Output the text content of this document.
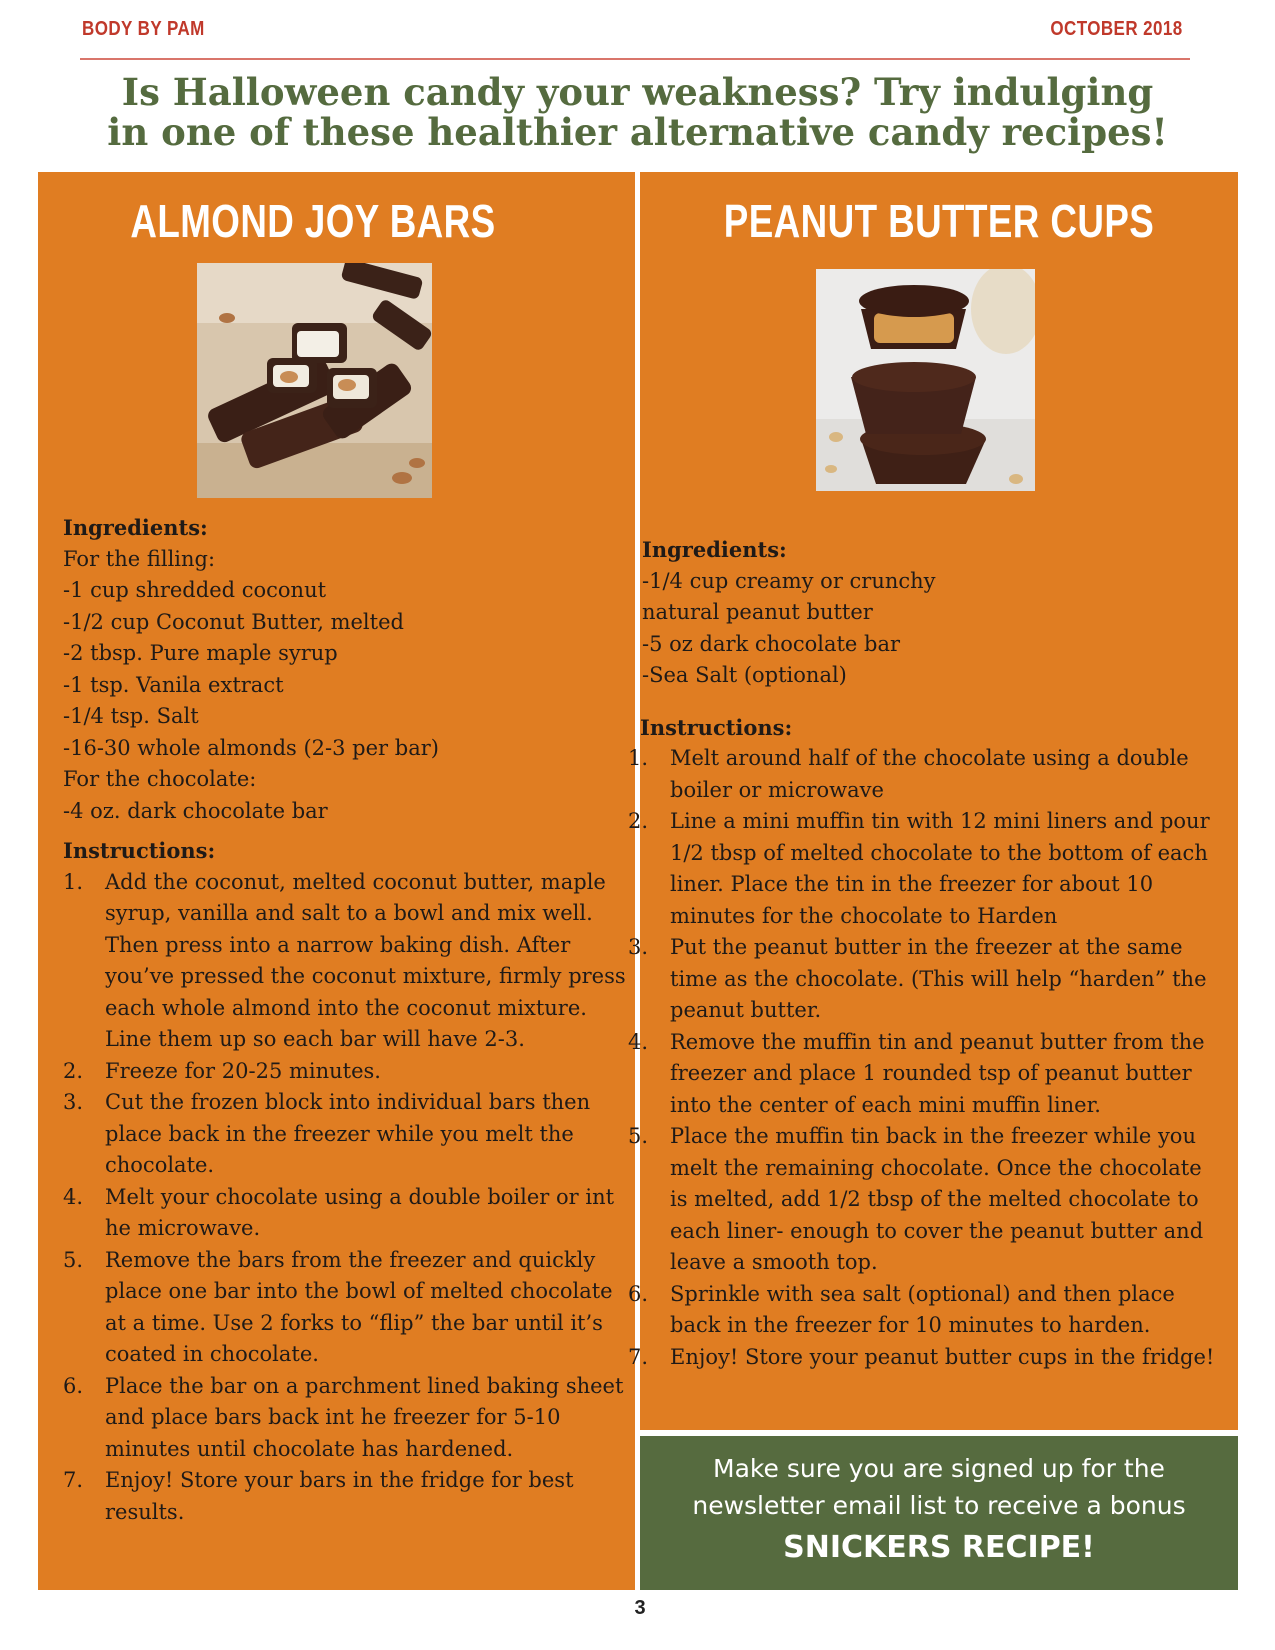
BODY BY PAM	OCTOBER 2018
Is Halloween candy your weakness? Try indulging
in one of these healthier alternative candy recipes!
ALMOND JOY BARS
Ingredients:
For the filling:
-1 cup shredded coconut
-1/2 cup Coconut Butter, melted
-2 tbsp. Pure maple syrup
-1 tsp. Vanila extract
-1/4 tsp. Salt
-16-30 whole almonds (2-3 per bar)
For the chocolate:
-4 oz. dark chocolate bar
Instructions:
1. Add the coconut, melted coconut butter, maple
syrup, vanilla and salt to a bowl and mix well.
Then press into a narrow baking dish. After
you’ve pressed the coconut mixture, firmly press
each whole almond into the coconut mixture.
Line them up so each bar will have 2-3.
2. Freeze for 20-25 minutes.
3. Cut the frozen block into individual bars then
place back in the freezer while you melt the
chocolate.
4. Melt your chocolate using a double boiler or int
he microwave.
5. Remove the bars from the freezer and quickly
place one bar into the bowl of melted chocolate
at a time. Use 2 forks to “flip” the bar until it’s
coated in chocolate.
6. Place the bar on a parchment lined baking sheet
and place bars back int he freezer for 5-10
minutes until chocolate has hardened.
7. Enjoy! Store your bars in the fridge for best
results.
PEANUT BUTTER CUPS
Ingredients:
-1/4 cup creamy or crunchy
natural peanut butter
-5 oz dark chocolate bar
-Sea Salt (optional)
Instructions:
1. Melt around half of the chocolate using a double
boiler or microwave
2. Line a mini muffin tin with 12 mini liners and pour
1/2 tbsp of melted chocolate to the bottom of each
liner. Place the tin in the freezer for about 10
minutes for the chocolate to Harden
3. Put the peanut butter in the freezer at the same
time as the chocolate. (This will help “harden” the
peanut butter.
4. Remove the muffin tin and peanut butter from the
freezer and place 1 rounded tsp of peanut butter
into the center of each mini muffin liner.
5. Place the muffin tin back in the freezer while you
melt the remaining chocolate. Once the chocolate
is melted, add 1/2 tbsp of the melted chocolate to
each liner- enough to cover the peanut butter and
leave a smooth top.
6. Sprinkle with sea salt (optional) and then place
back in the freezer for 10 minutes to harden.
7. Enjoy! Store your peanut butter cups in the fridge!
Make sure you are signed up for the
newsletter email list to receive a bonus
SNICKERS RECIPE!
3
